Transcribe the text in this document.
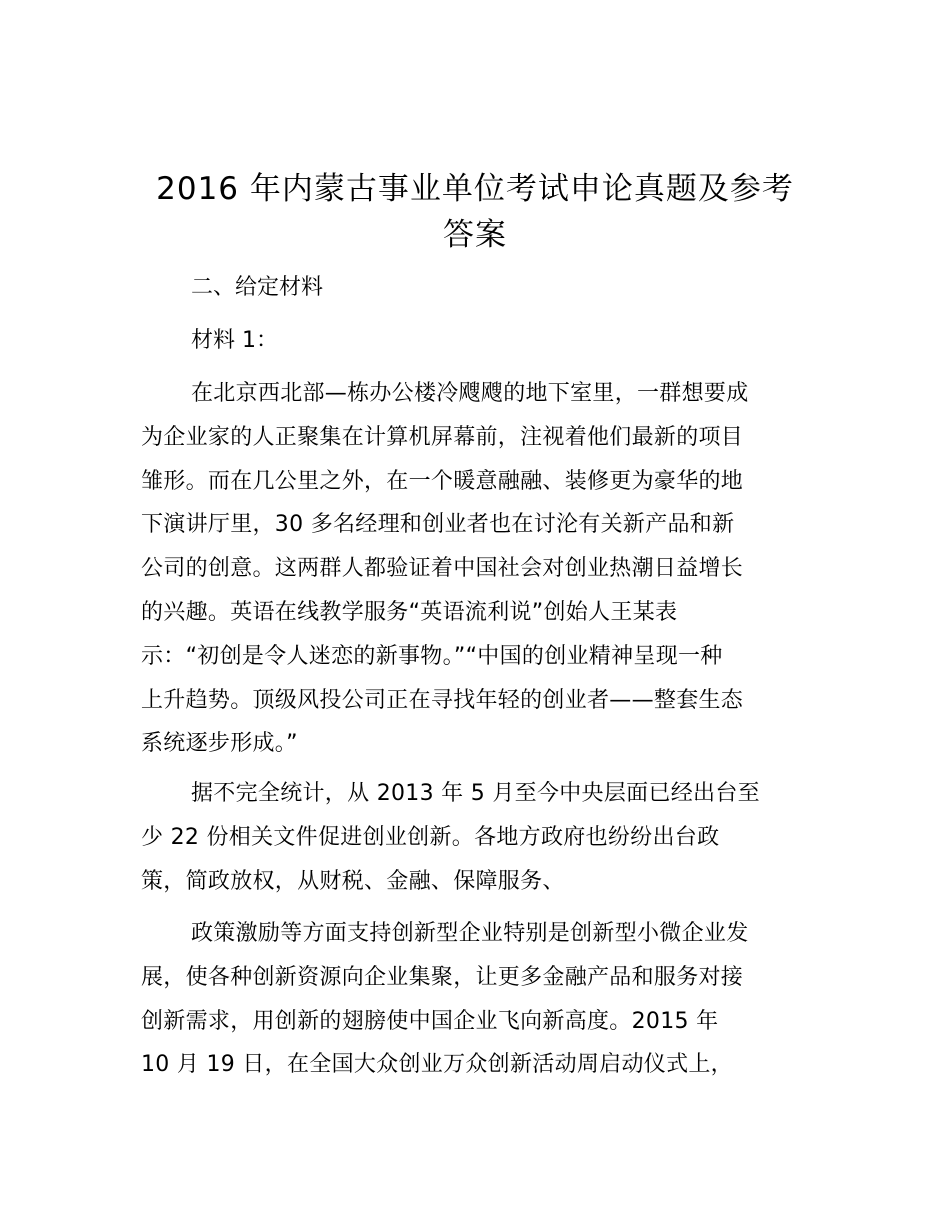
2016 年内蒙古事业单位考试申论真题及参考
答案

二、给定材料

材料 1：

在北京西北部—栋办公楼冷飕飕的地下室里，一群想要成
为企业家的人正聚集在计算机屏幕前，注视着他们最新的项目
雏形。而在几公里之外，在一个暖意融融、装修更为豪华的地
下演讲厅里，30 多名经理和创业者也在讨沦有关新产品和新
公司的创意。这两群人都验证着中国社会对创业热潮日益增长
的兴趣。英语在线教学服务“英语流利说”创始人王某表
示：“初创是令人迷恋的新事物。”“中国的创业精神呈现一种
上升趋势。顶级风投公司正在寻找年轻的创业者——整套生态
系统逐步形成。”

据不完全统计，从 2013 年 5 月至今中央层面已经出台至
少 22 份相关文件促进创业创新。各地方政府也纷纷出台政
策，简政放权，从财税、金融、保障服务、

政策激励等方面支持创新型企业特别是创新型小微企业发
展，使各种创新资源向企业集聚，让更多金融产品和服务对接
创新需求，用创新的翅膀使中国企业飞向新高度。2015 年
10 月 19 日，在全国大众创业万众创新活动周启动仪式上，
